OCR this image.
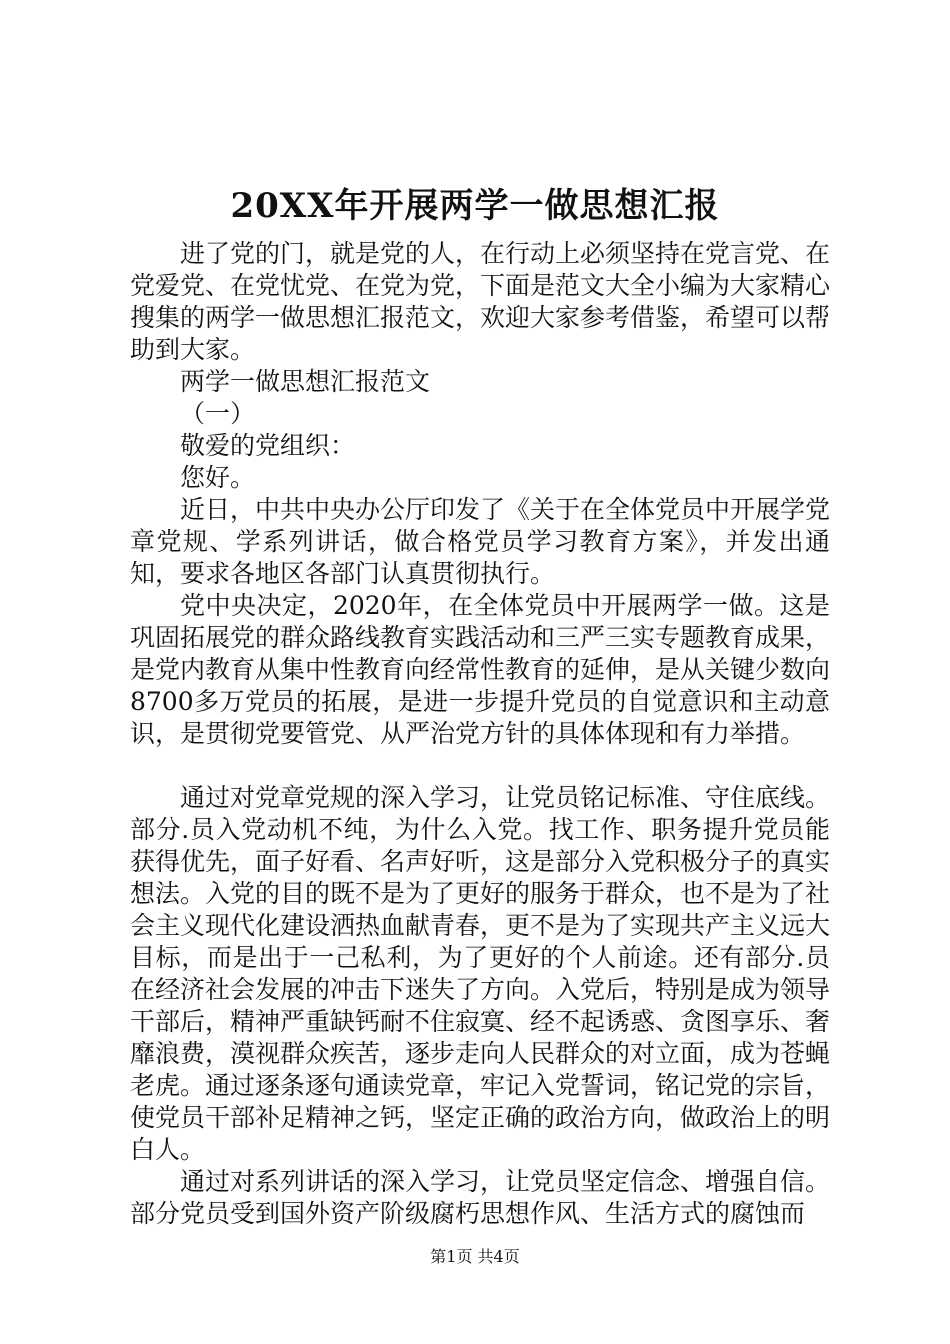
20XX年开展两学一做思想汇报

进了党的门，就是党的人，在行动上必须坚持在党言党、在党爱党、在党忧党、在党为党，下面是范文大全小编为大家精心搜集的两学一做思想汇报范文，欢迎大家参考借鉴，希望可以帮助到大家。

两学一做思想汇报范文

（一）

敬爱的党组织：

您好。

近日，中共中央办公厅印发了《关于在全体党员中开展学党章党规、学系列讲话，做合格党员学习教育方案》，并发出通知，要求各地区各部门认真贯彻执行。

党中央决定，2020年，在全体党员中开展两学一做。这是巩固拓展党的群众路线教育实践活动和三严三实专题教育成果，是党内教育从集中性教育向经常性教育的延伸，是从关键少数向8700多万党员的拓展，是进一步提升党员的自觉意识和主动意识，是贯彻党要管党、从严治党方针的具体体现和有力举措。

通过对党章党规的深入学习，让党员铭记标准、守住底线。部分.员入党动机不纯，为什么入党。找工作、职务提升党员能获得优先，面子好看、名声好听，这是部分入党积极分子的真实想法。入党的目的既不是为了更好的服务于群众，也不是为了社会主义现代化建设洒热血献青春，更不是为了实现共产主义远大目标，而是出于一己私利，为了更好的个人前途。还有部分.员在经济社会发展的冲击下迷失了方向。入党后，特别是成为领导干部后，精神严重缺钙耐不住寂寞、经不起诱惑、贪图享乐、奢靡浪费，漠视群众疾苦，逐步走向人民群众的对立面，成为苍蝇老虎。通过逐条逐句通读党章，牢记入党誓词，铭记党的宗旨，使党员干部补足精神之钙，坚定正确的政治方向，做政治上的明白人。

通过对系列讲话的深入学习，让党员坚定信念、增强自信。部分党员受到国外资产阶级腐朽思想作风、生活方式的腐蚀而

第1页 共4页
